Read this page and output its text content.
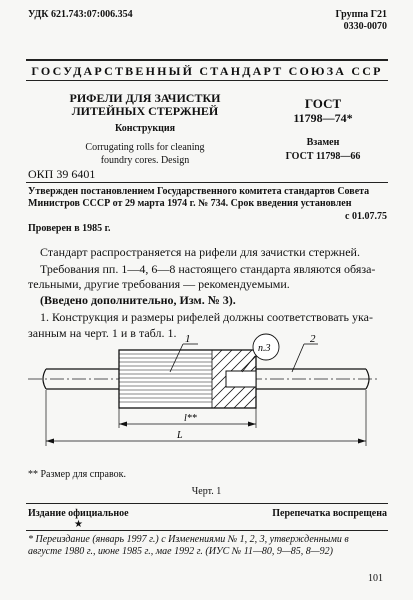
УДК 621.743:07:006.354	Группа Г21
0330-0070
ГОСУДАРСТВЕННЫЙ СТАНДАРТ СОЮЗА ССР
РИФЕЛИ ДЛЯ ЗАЧИСТКИ
ЛИТЕЙНЫХ СТЕРЖНЕЙ
Конструкция
Corrugating rolls for cleaning
foundry cores. Design
ГОСТ
11798—74*
Взамен
ГОСТ 11798—66
ОКП 39 6401
Утвержден постановлением Государственного комитета стандартов Совета
Министров СССР от 29 марта 1974 г. № 734. Срок введения установлен
с 01.07.75
Проверен в 1985 г.
Стандарт распространяется на рифели для зачистки стержней.
Требования пп. 1—4, 6—8 настоящего стандарта являются обяза-
тельными, другие требования — рекомендуемыми.
(Введено дополнительно, Изм. № 3).
1. Конструкция и размеры рифелей должны соответствовать ука-
занным на черт. 1 и в табл. 1. 1
п.3
2
l**
L
** Размер для справок.
Черт. 1
Издание официальное	Перепечатка воспрещена
★
* Переиздание (январь 1997 г.) с Изменениями № 1, 2, 3, утвержденными в
августе 1980 г., июне 1985 г., мае 1992 г. (ИУС № 11—80, 9—85, 8—92)
101
